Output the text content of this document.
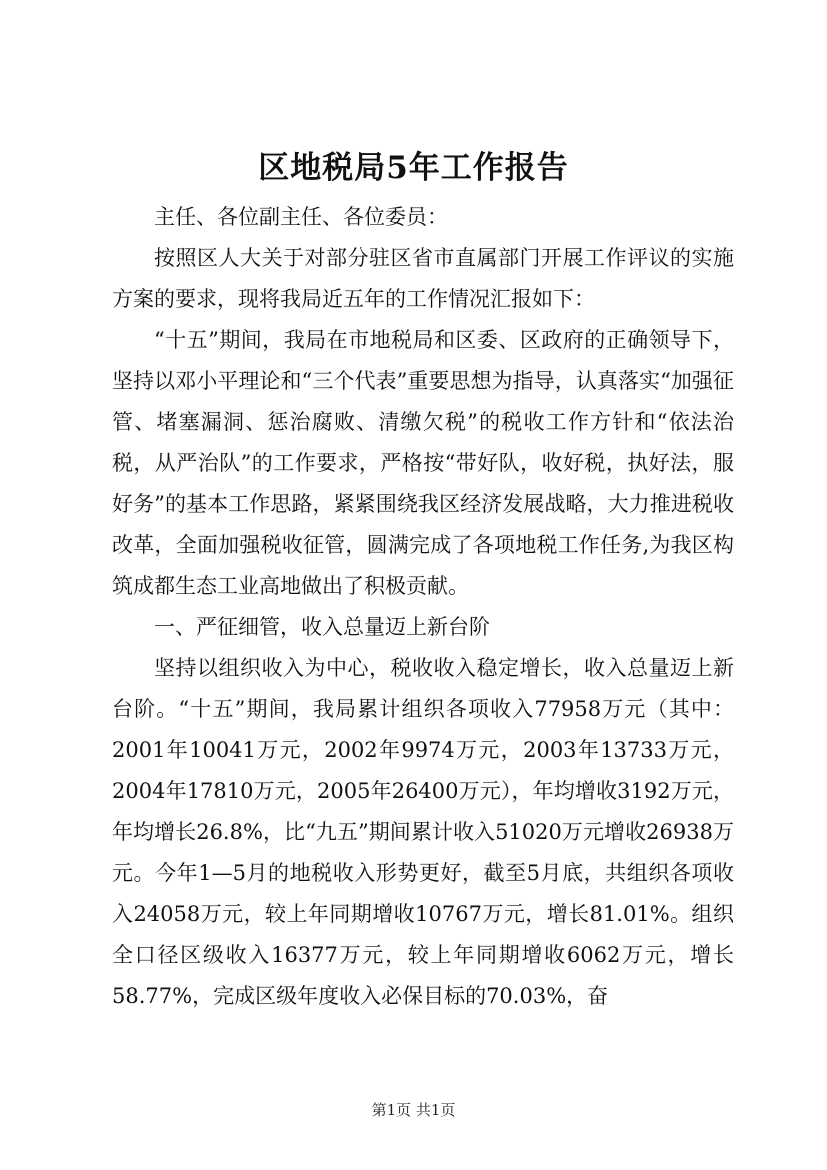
区地税局5年工作报告

主任、各位副主任、各位委员：

按照区人大关于对部分驻区省市直属部门开展工作评议的实施方案的要求，现将我局近五年的工作情况汇报如下：

“十五”期间，我局在市地税局和区委、区政府的正确领导下，坚持以邓小平理论和“三个代表”重要思想为指导，认真落实“加强征管、堵塞漏洞、惩治腐败、清缴欠税”的税收工作方针和“依法治税，从严治队”的工作要求，严格按“带好队，收好税，执好法，服好务”的基本工作思路，紧紧围绕我区经济发展战略，大力推进税收改革，全面加强税收征管，圆满完成了各项地税工作任务,为我区构筑成都生态工业高地做出了积极贡献。

一、严征细管，收入总量迈上新台阶

坚持以组织收入为中心，税收收入稳定增长，收入总量迈上新台阶。“十五”期间，我局累计组织各项收入77958万元（其中：2001年10041万元，2002年9974万元，2003年13733万元，2004年17810万元，2005年26400万元），年均增收3192万元，年均增长26.8%，比“九五”期间累计收入51020万元增收26938万元。今年1—5月的地税收入形势更好，截至5月底，共组织各项收入24058万元，较上年同期增收10767万元，增长81.01%。组织全口径区级收入16377万元，较上年同期增收6062万元，增长58.77%，完成区级年度收入必保目标的70.03%，奋

第1页 共1页
